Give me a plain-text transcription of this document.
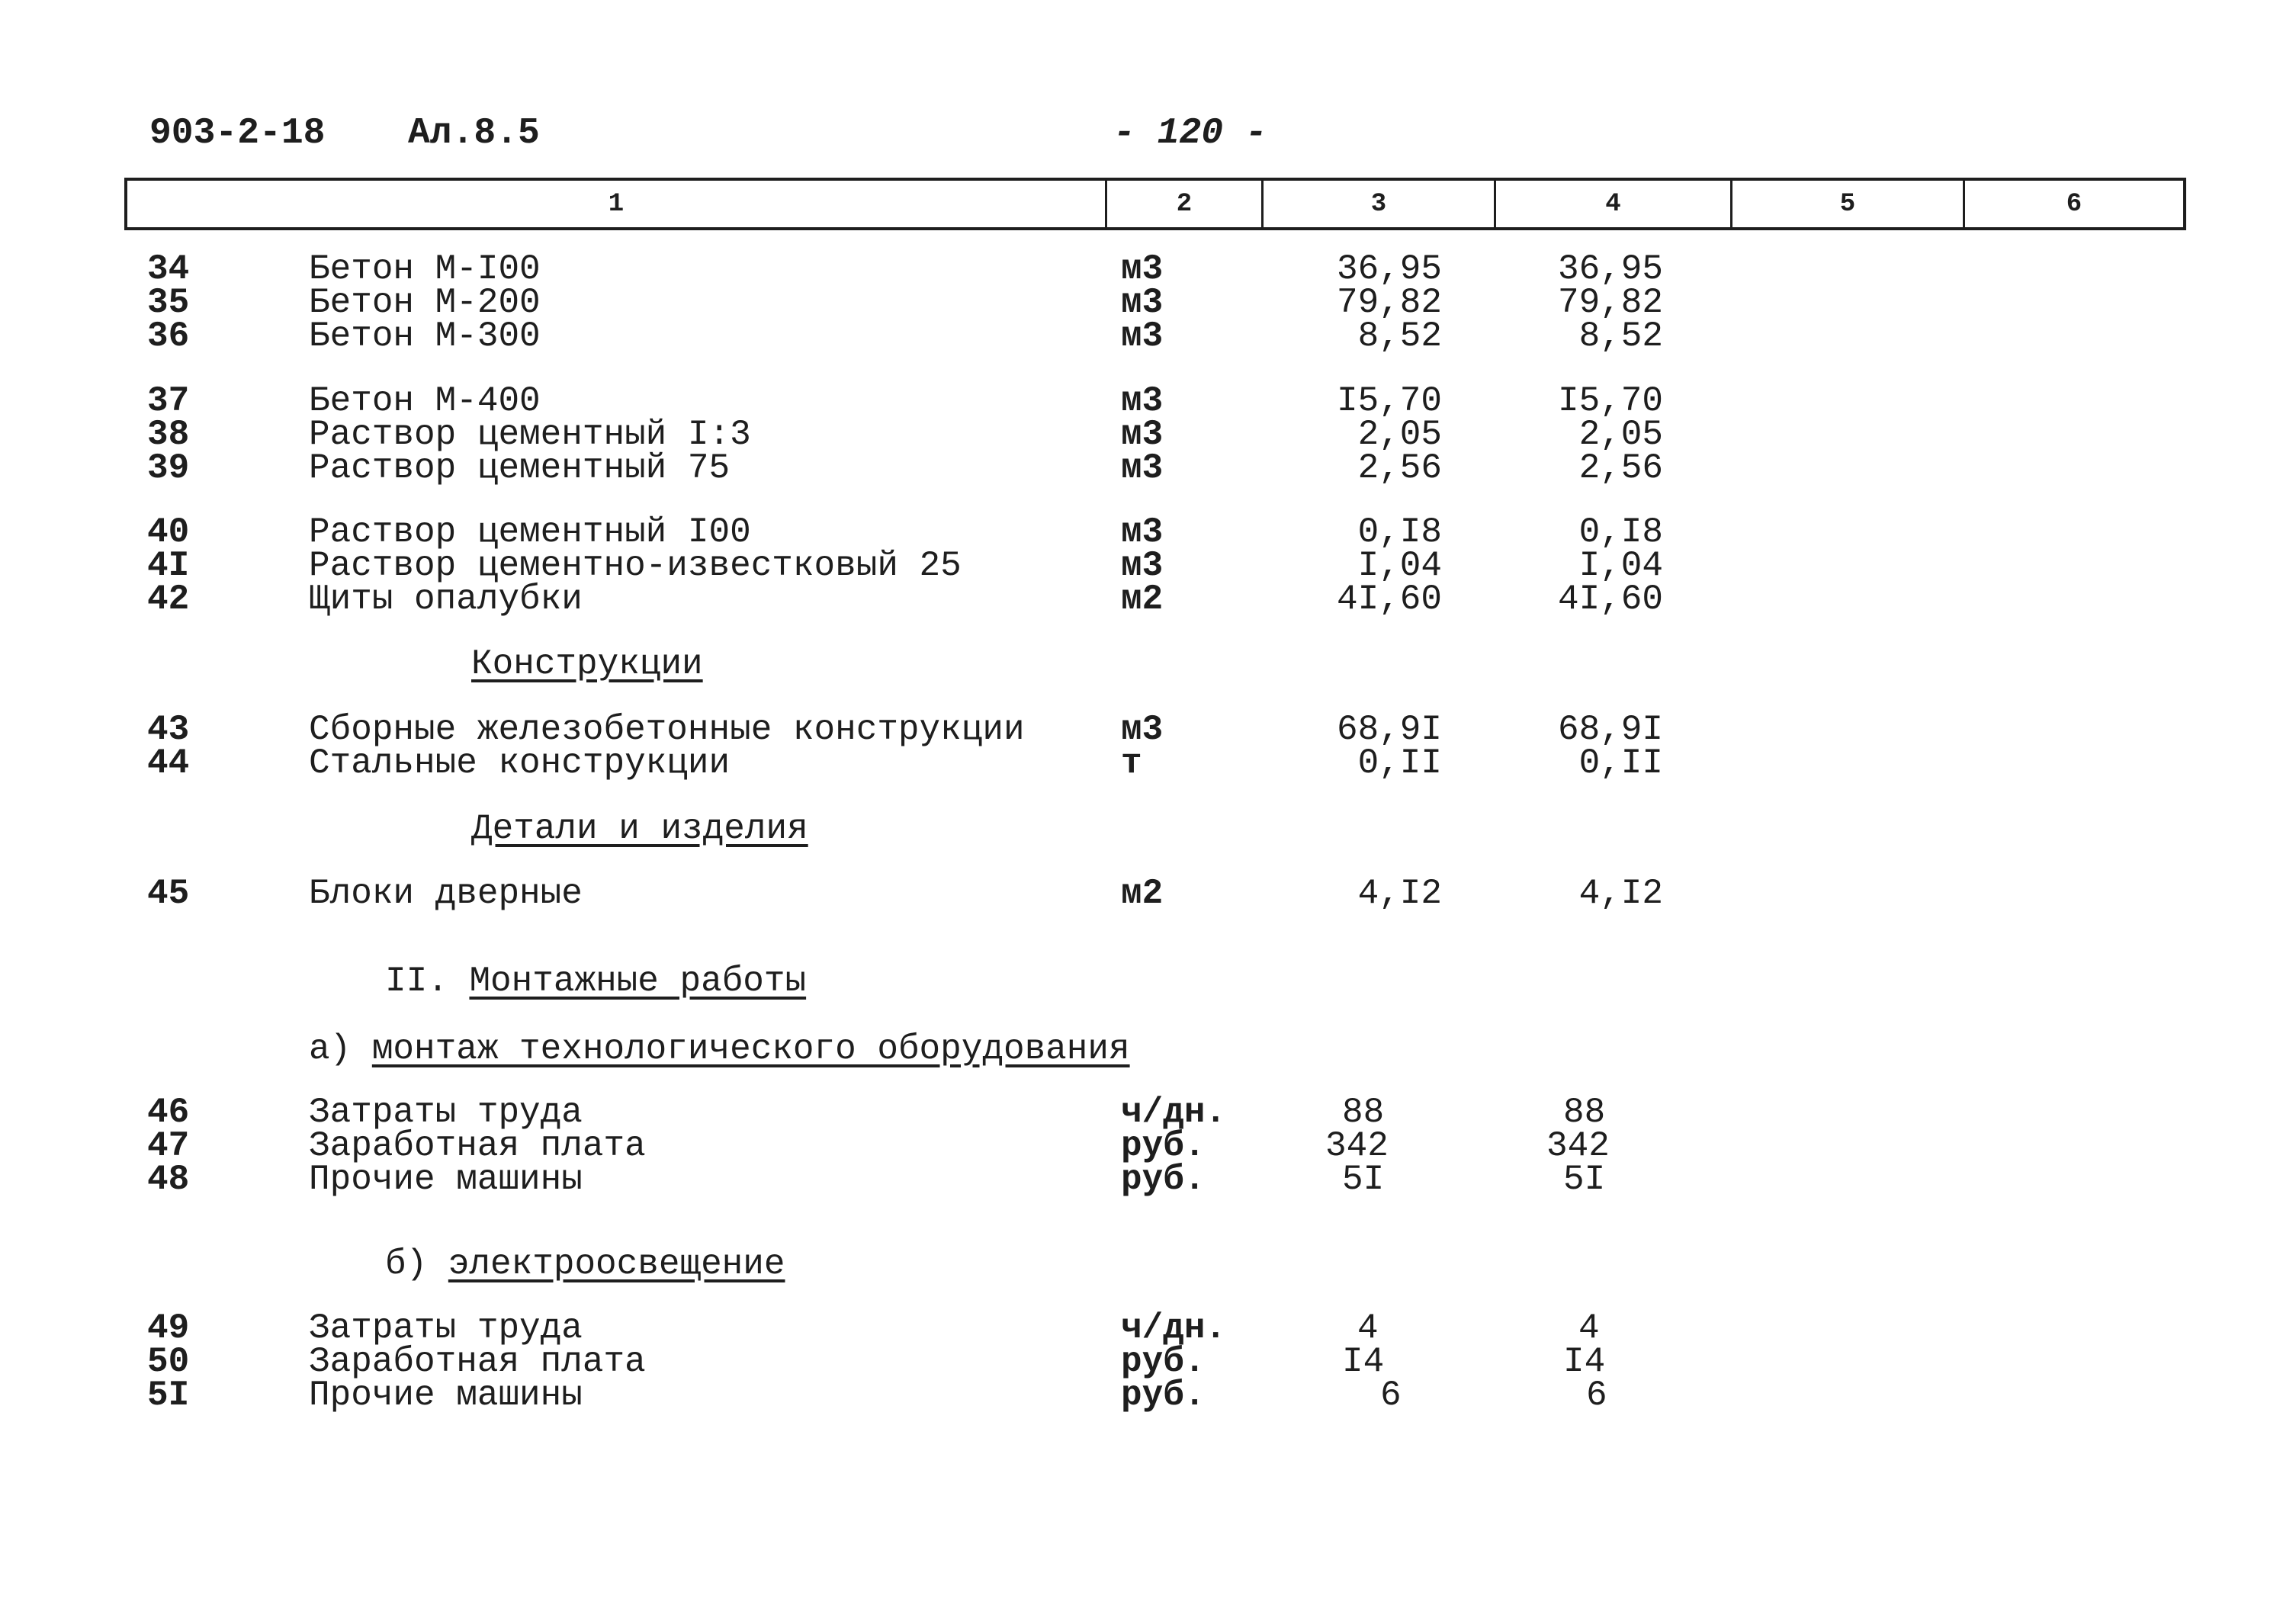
903-2-18 Ал.8.5	- 120 -
1	2	3	4	5	6
34	Бетон М-I00	м3	36,95	36,95
35	Бетон М-200	м3	79,82	79,82
36	Бетон М-300	м3	8,52	8,52
37	Бетон М-400	м3	I5,70	I5,70
38	Раствор цементный I:3	м3	2,05	2,05
39	Раствор цементный 75	м3	2,56	2,56
40	Раствор цементный I00	м3	0,I8	0,I8
4I	Раствор цементно-известковый 25	м3	I,04	I,04
42	Щиты опалубки	м2	4I,60	4I,60
Конструкции
43	Сборные железобетонные конструкции	м3	68,9I	68,9I
44	Стальные конструкции	т	0,II	0,II
Детали и изделия
45	Блоки дверные	м2	4,I2	4,I2
II. Монтажные работы
а) монтаж технологического оборудования
46	Затраты труда	ч/дн.	88	88
47	Заработная плата	руб.	342	342
48	Прочие машины	руб.	5I	5I
б) электроосвещение
49	Затраты труда	ч/дн.	4	4
50	Заработная плата	руб.	I4	I4
5I	Прочие машины	руб.	6	6
